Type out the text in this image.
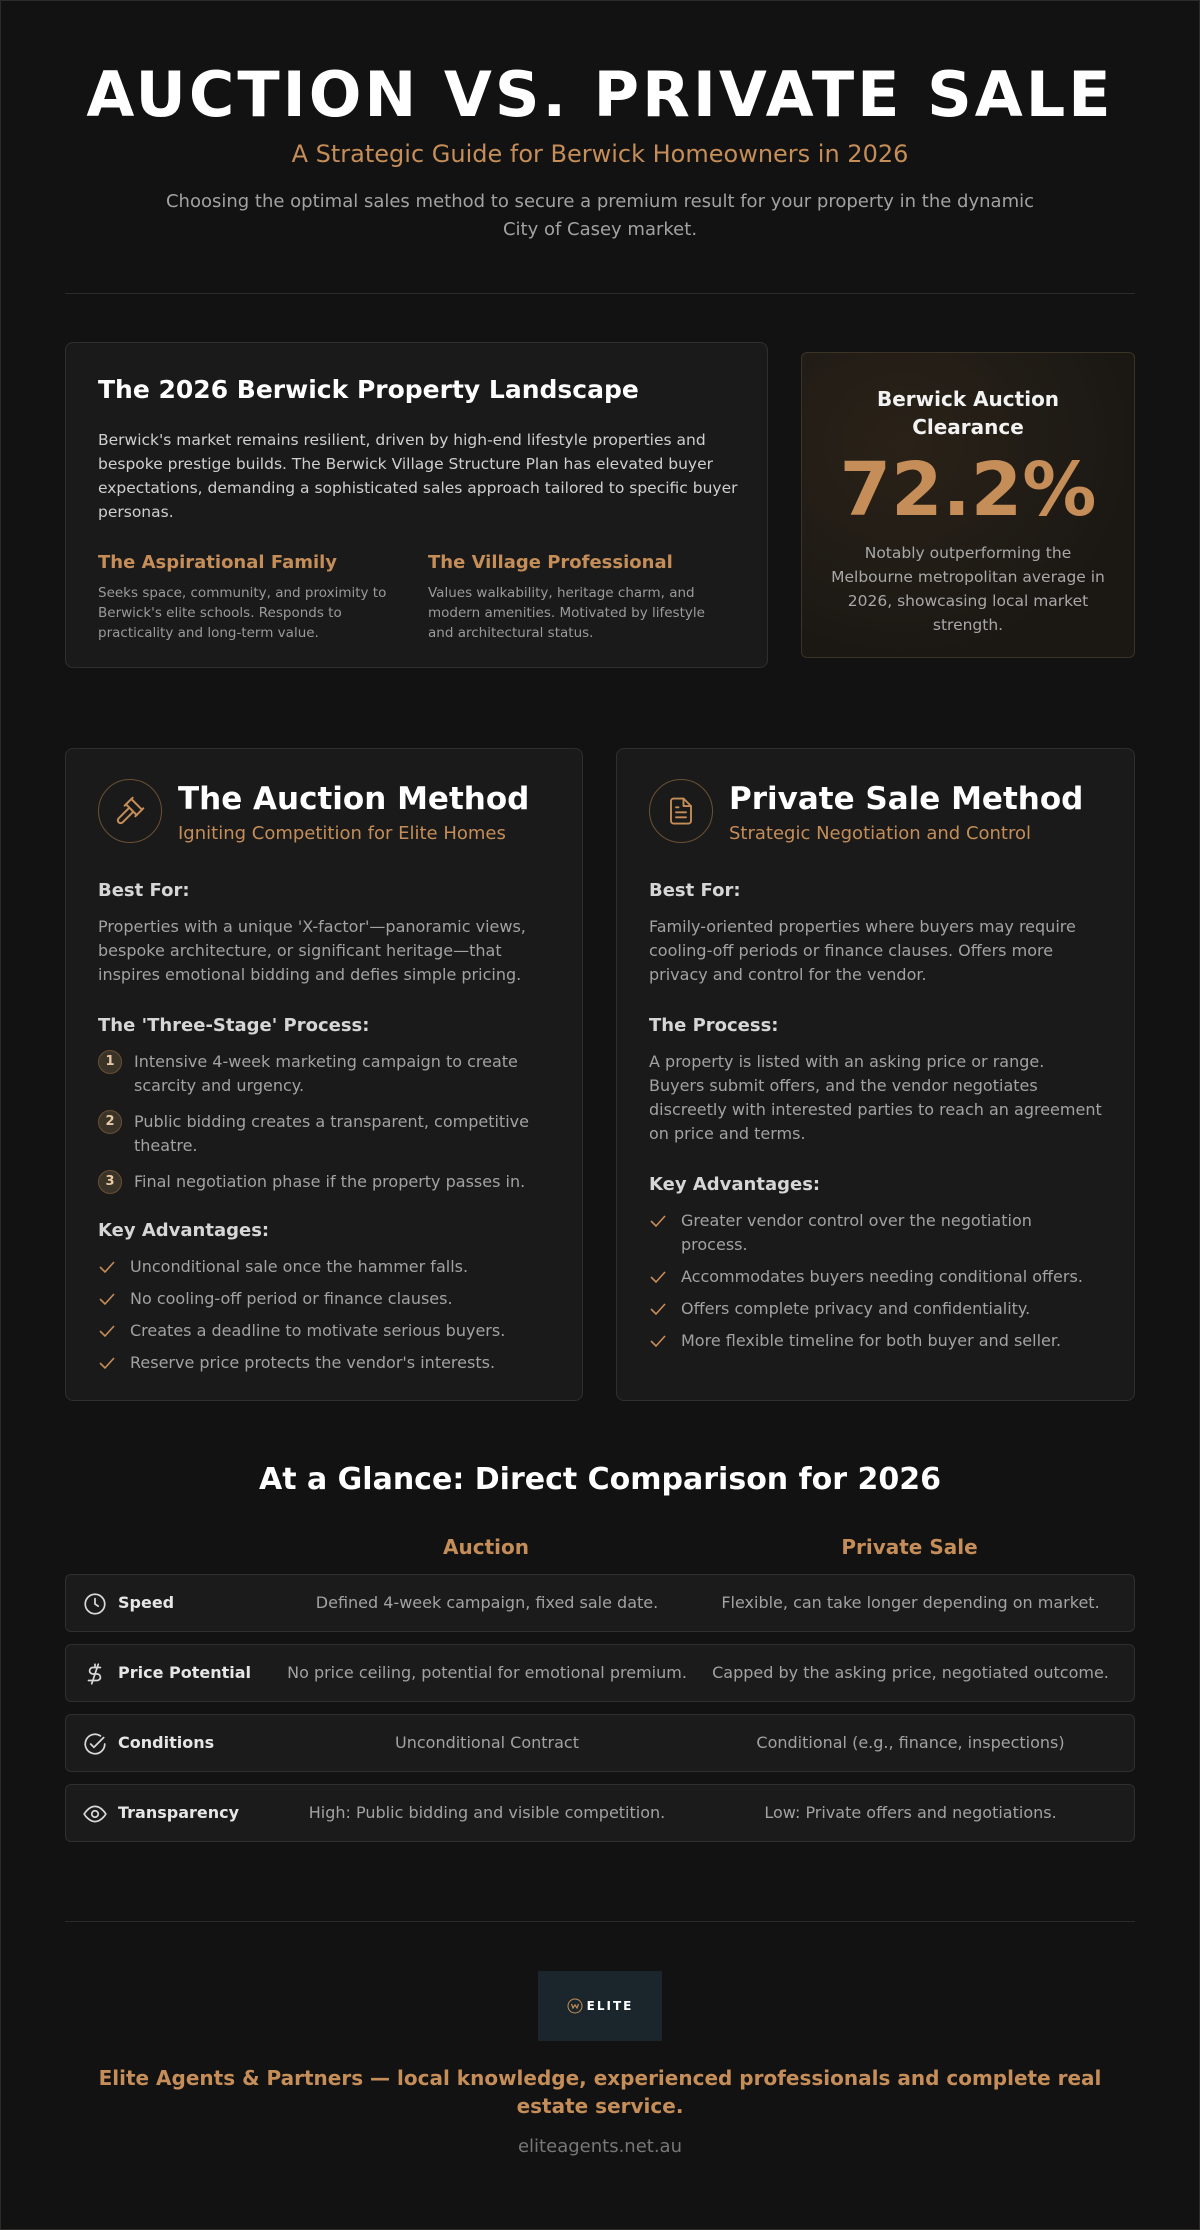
AUCTION VS. PRIVATE SALE
A Strategic Guide for Berwick Homeowners in 2026

Choosing the optimal sales method to secure a premium result for your property in the dynamic City of Casey market.

The 2026 Berwick Property Landscape

Berwick's market remains resilient, driven by high-end lifestyle properties and bespoke prestige builds. The Berwick Village Structure Plan has elevated buyer expectations, demanding a sophisticated sales approach tailored to specific buyer personas.

The Aspirational Family
Seeks space, community, and proximity to Berwick's elite schools. Responds to practicality and long-term value.
The Village Professional
Values walkability, heritage charm, and modern amenities. Motivated by lifestyle and architectural status.
Berwick Auction Clearance
72.2%
Notably outperforming the Melbourne metropolitan average in 2026, showcasing local market strength.
The Auction Method
Igniting Competition for Elite Homes
Best For:

Properties with a unique 'X-factor'—panoramic views, bespoke architecture, or significant heritage—that inspires emotional bidding and defies simple pricing.

The 'Three-Stage' Process:
1	Intensive 4-week marketing campaign to create scarcity and urgency.
2	Public bidding creates a transparent, competitive theatre.
3	Final negotiation phase if the property passes in.
Key Advantages:
Unconditional sale once the hammer falls.
No cooling-off period or finance clauses.
Creates a deadline to motivate serious buyers.
Reserve price protects the vendor's interests.
Private Sale Method
Strategic Negotiation and Control
Best For:

Family-oriented properties where buyers may require cooling-off periods or finance clauses. Offers more privacy and control for the vendor.

The Process:

A property is listed with an asking price or range. Buyers submit offers, and the vendor negotiates discreetly with interested parties to reach an agreement on price and terms.

Key Advantages:
Greater vendor control over the negotiation process.
Accommodates buyers needing conditional offers.
Offers complete privacy and confidentiality.
More flexible timeline for both buyer and seller.
At a Glance: Direct Comparison for 2026
Auction	Private Sale
Speed	Defined 4-week campaign, fixed sale date.	Flexible, can take longer depending on market.
Price Potential	No price ceiling, potential for emotional premium.	Capped by the asking price, negotiated outcome.
Conditions	Unconditional Contract	Conditional (e.g., finance, inspections)
Transparency	High: Public bidding and visible competition.	Low: Private offers and negotiations.
ELITE

Elite Agents & Partners — local knowledge, experienced professionals and complete real estate service.

eliteagents.net.au
